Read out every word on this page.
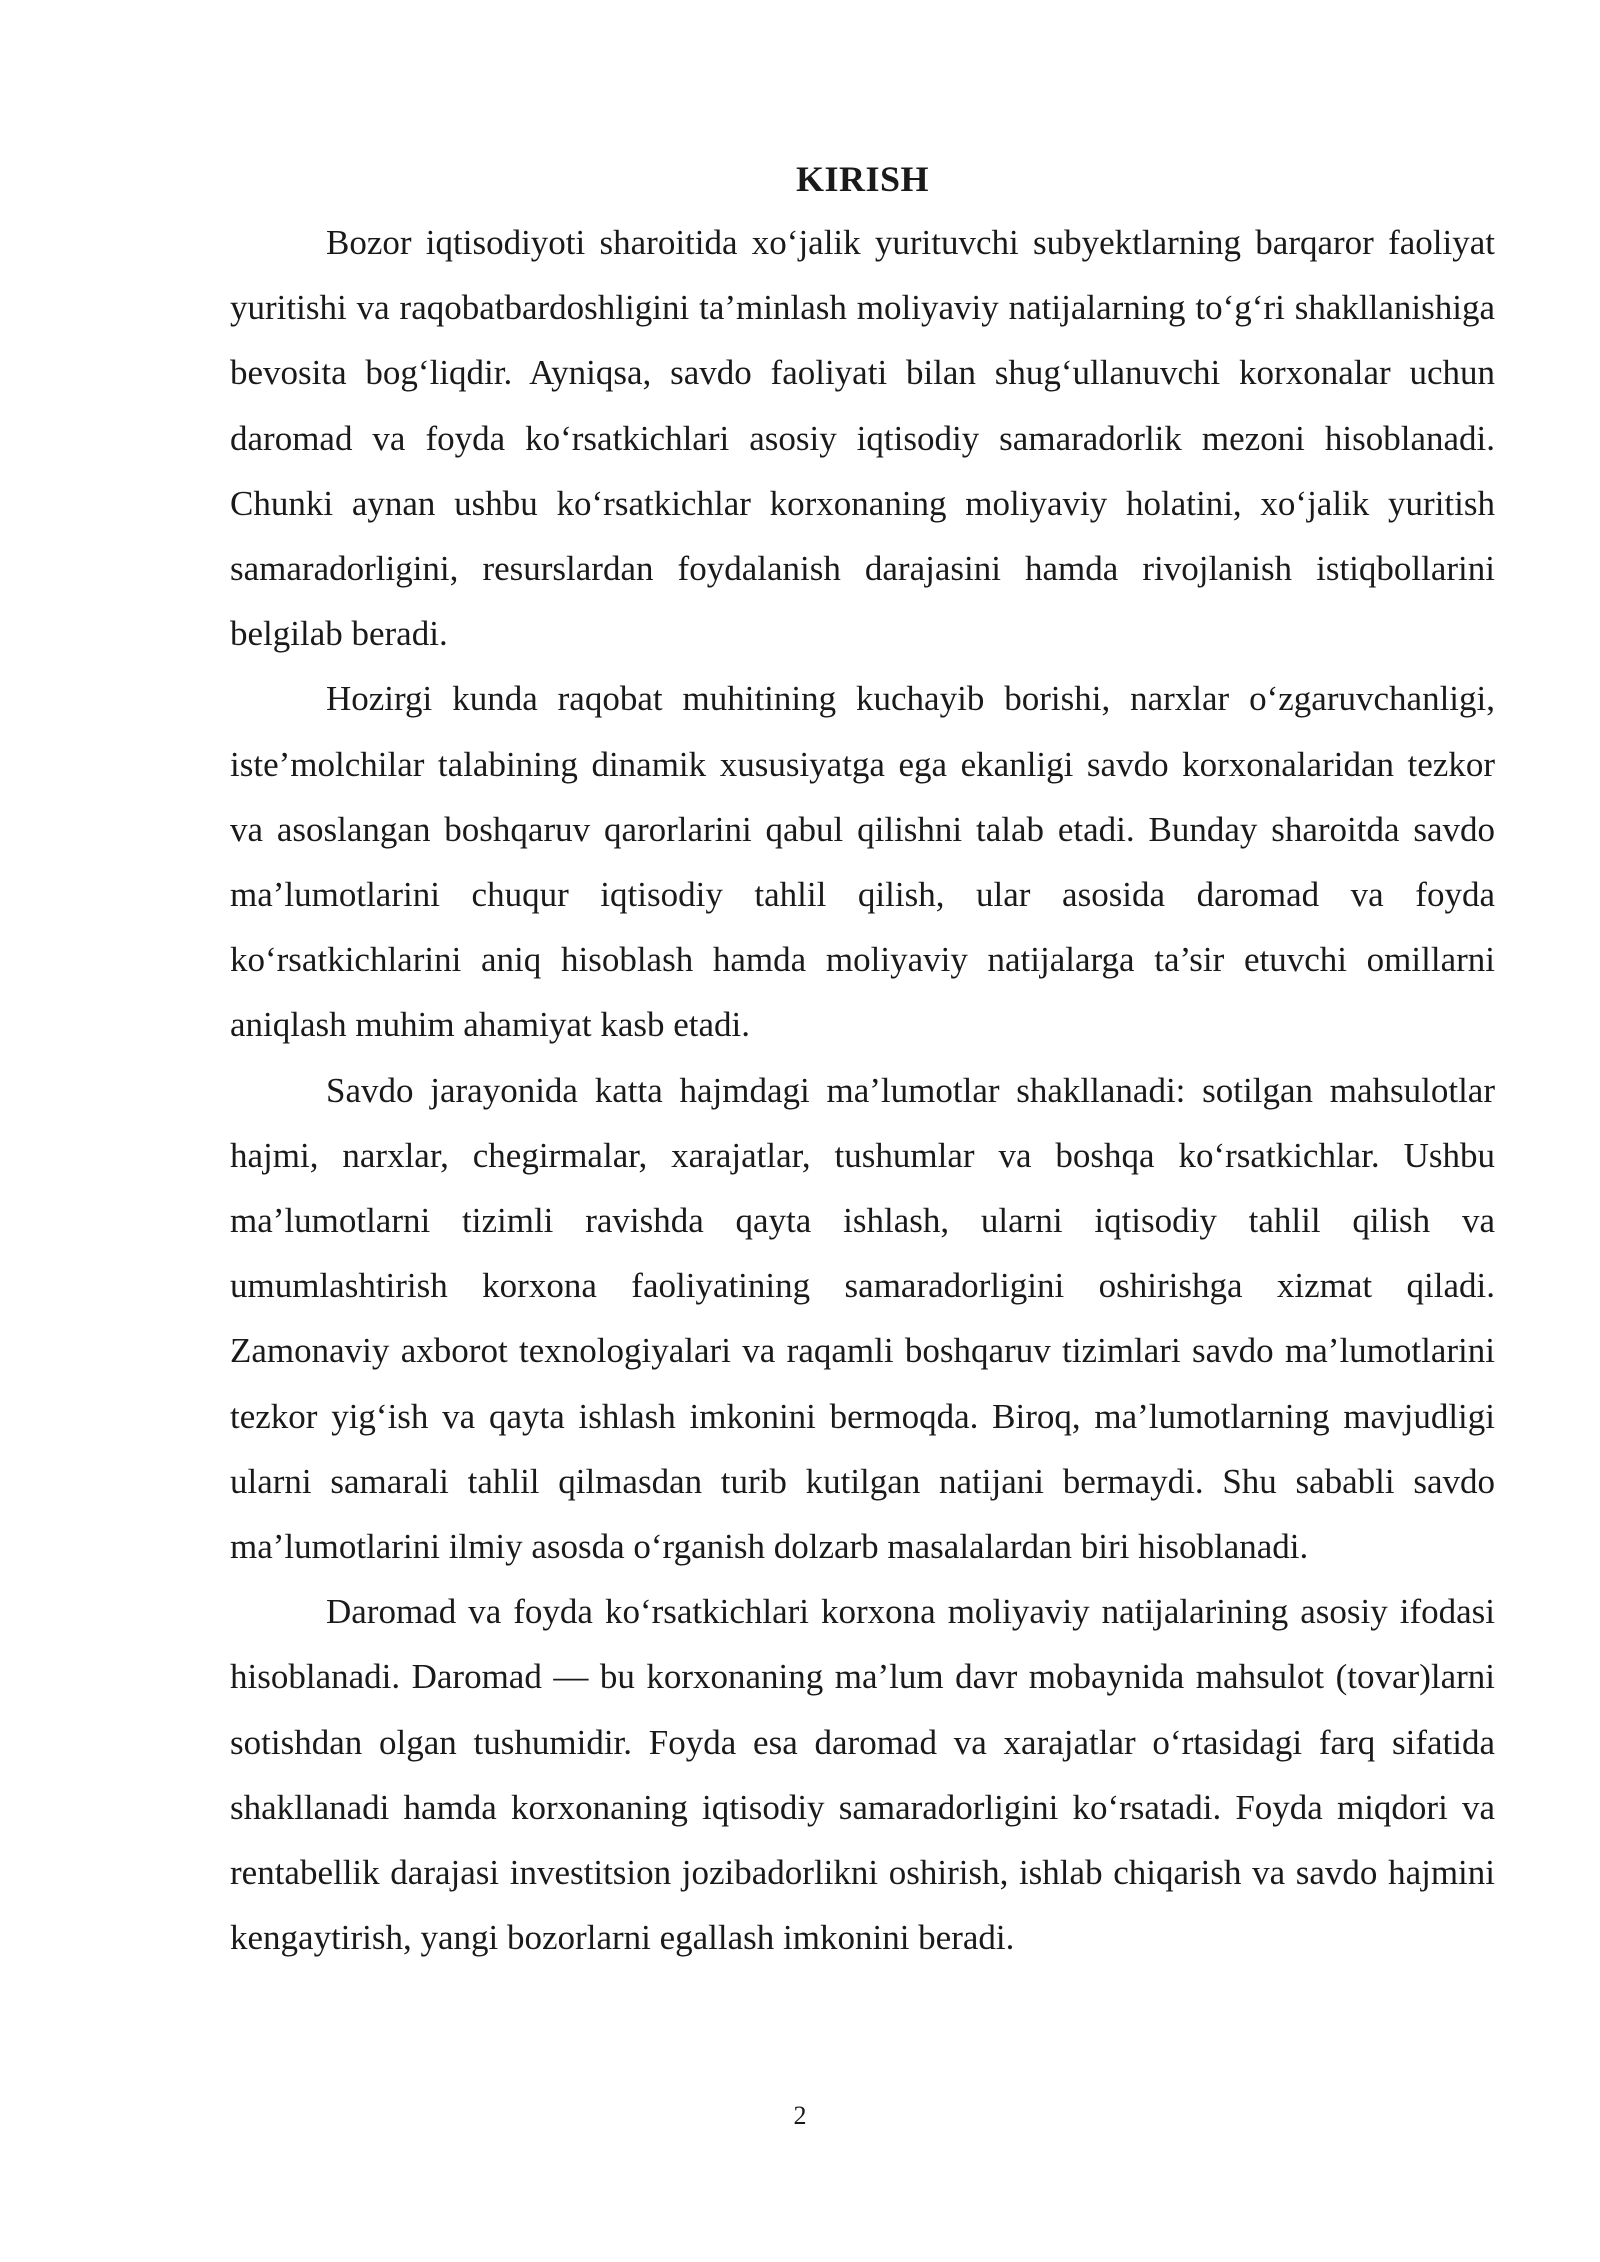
KIRISH

Bozor iqtisodiyoti sharoitida xo‘jalik yurituvchi subyektlarning barqaror faoliyat yuritishi va raqobatbardoshligini ta’minlash moliyaviy natijalarning to‘g‘ri shakllanishiga bevosita bog‘liqdir. Ayniqsa, savdo faoliyati bilan shug‘ullanuvchi korxonalar uchun daromad va foyda ko‘rsatkichlari asosiy iqtisodiy samaradorlik mezoni hisoblanadi. Chunki aynan ushbu ko‘rsatkichlar korxonaning moliyaviy holatini, xo‘jalik yuritish samaradorligini, resurslardan foydalanish darajasini hamda rivojlanish istiqbollarini belgilab beradi.

Hozirgi kunda raqobat muhitining kuchayib borishi, narxlar o‘zgaruvchanligi, iste’molchilar talabining dinamik xususiyatga ega ekanligi savdo korxonalaridan tezkor va asoslangan boshqaruv qarorlarini qabul qilishni talab etadi. Bunday sharoitda savdo ma’lumotlarini chuqur iqtisodiy tahlil qilish, ular asosida daromad va foyda ko‘rsatkichlarini aniq hisoblash hamda moliyaviy natijalarga ta’sir etuvchi omillarni aniqlash muhim ahamiyat kasb etadi.

Savdo jarayonida katta hajmdagi ma’lumotlar shakllanadi: sotilgan mahsulotlar hajmi, narxlar, chegirmalar, xarajatlar, tushumlar va boshqa ko‘rsatkichlar. Ushbu ma’lumotlarni tizimli ravishda qayta ishlash, ularni iqtisodiy tahlil qilish va umumlashtirish korxona faoliyatining samaradorligini oshirishga xizmat qiladi. Zamonaviy axborot texnologiyalari va raqamli boshqaruv tizimlari savdo ma’lumotlarini tezkor yig‘ish va qayta ishlash imkonini bermoqda. Biroq, ma’lumotlarning mavjudligi ularni samarali tahlil qilmasdan turib kutilgan natijani bermaydi. Shu sababli savdo ma’lumotlarini ilmiy asosda o‘rganish dolzarb masalalardan biri hisoblanadi.

Daromad va foyda ko‘rsatkichlari korxona moliyaviy natijalarining asosiy ifodasi hisoblanadi. Daromad — bu korxonaning ma’lum davr mobaynida mahsulot (tovar)larni sotishdan olgan tushumidir. Foyda esa daromad va xarajatlar o‘rtasidagi farq sifatida shakllanadi hamda korxonaning iqtisodiy samaradorligini ko‘rsatadi. Foyda miqdori va rentabellik darajasi investitsion jozibadorlikni oshirish, ishlab chiqarish va savdo hajmini kengaytirish, yangi bozorlarni egallash imkonini beradi.

2
